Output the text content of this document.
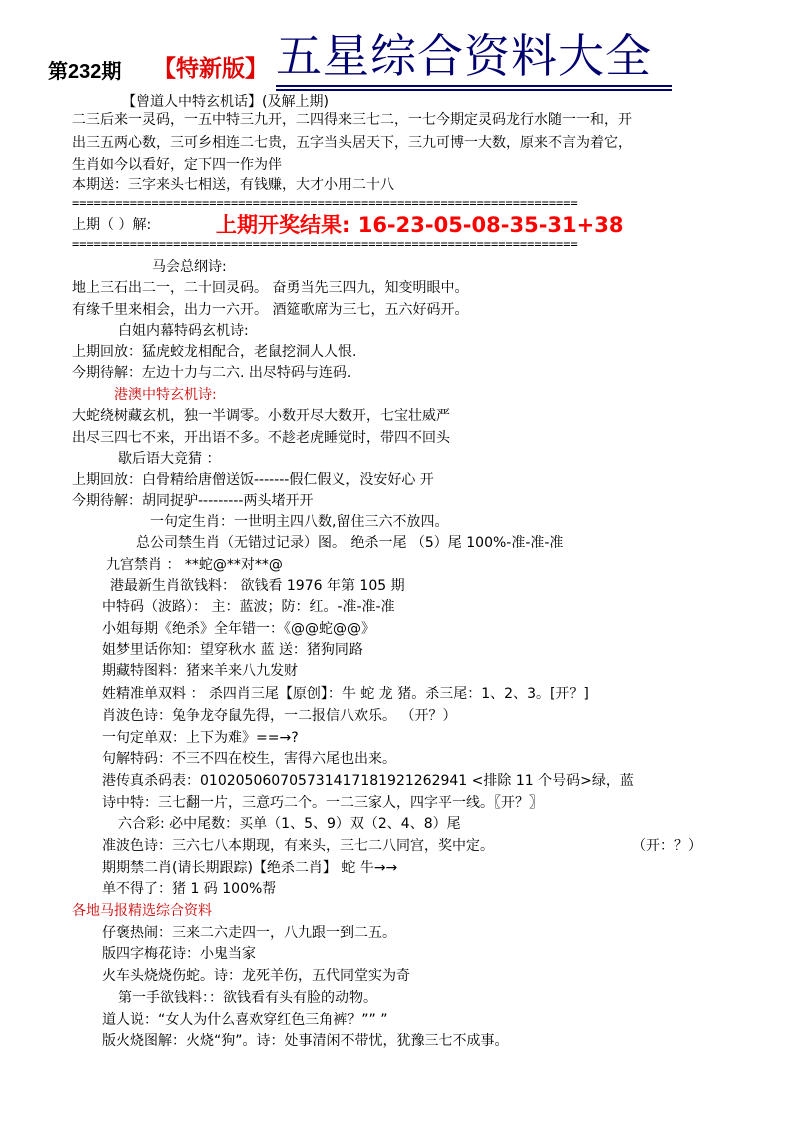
第232期 【特新版】 五星综合资料大全
【曾道人中特玄机话】(及解上期)
二三后来一灵码，一五中特三九开，二四得来三七二，一七今期定灵码龙行水随一一和，开
出三五两心数，三可乡相连二七贵，五字当头居天下，三九可博一大数，原来不言为着它，
生肖如今以看好，定下四一作为伴
本期送：三字来头七相送，有钱赚，大才小用二十八
======================================================================
上期（ ）解:	上期开奖结果: 16-23-05-08-35-31+38
======================================================================
马会总纲诗:
地上三石出二一，二十回灵码。 奋勇当先三四九，知变明眼中。
有缘千里来相会，出力一六开。 酒筵歌席为三七，五六好码开。
白姐内幕特码玄机诗:
上期回放：猛虎蛟龙相配合，老鼠挖洞人人恨.
今期待解：左边十力与二六. 出尽特码与连码.
港澳中特玄机诗:
大蛇绕树藏玄机，独一半调零。小数开尽大数开，七宝壮威严
出尽三四七不来，开出语不多。不趁老虎睡觉时，带四不回头
歇后语大竞猜 ：
上期回放：白骨精给唐僧送饭-------假仁假义，没安好心 开
今期待解：胡同捉驴---------两头堵开开
一句定生肖：一世明主四八数,留住三六不放四。
总公司禁生肖（无错过记录）图。 绝杀一尾 （5）尾 100%-准-准-准
九宫禁肖 ： **蛇@**对**@
港最新生肖欲钱料： 欲钱看 1976 年第 105 期
中特码（波路）： 主：蓝波；防：红。-准-准-准
小姐每期《绝杀》全年错一：《@@蛇@@》
姐梦里话你知：望穿秋水 蓝 送：猪狗同路
期藏特图料：猪来羊来八九发财
姓精准单双料 ： 杀四肖三尾【原创】：牛 蛇 龙 猪。杀三尾：1、2、3。[开？]
肖波色诗：兔争龙夺鼠先得，一二报信八欢乐。 （开？）
一句定单双：上下为难》==→?
句解特码：不三不四在校生，害得六尾也出来。
港传真杀码表：010205060705731417181921262941 <排除 11 个号码>绿，蓝
诗中特：三七翻一片，三意巧二个。一二三家人，四字平一线。〖开？〗
六合彩: 必中尾数：买单（1、5、9）双（2、4、8）尾
准波色诗：三六七八本期现，有来头，三七二八同宫，奖中定。	（开：？）
期期禁二肖(请长期跟踪)【绝杀二肖】 蛇 牛→→
单不得了：猪 1 码 100%帮
各地马报精选综合资料
仔褒热闹：三来二六走四一，八九跟一到二五。
版四字梅花诗：小鬼当家
火车头烧烧伤蛇。诗：龙死羊伤，五代同堂实为奇
第一手欲钱料：：欲钱看有头有脸的动物。
道人说：“女人为什么喜欢穿红色三角裤？”” ”
版火烧图解：火烧“狗”。诗：处事清闲不带忧，犹豫三七不成事。
